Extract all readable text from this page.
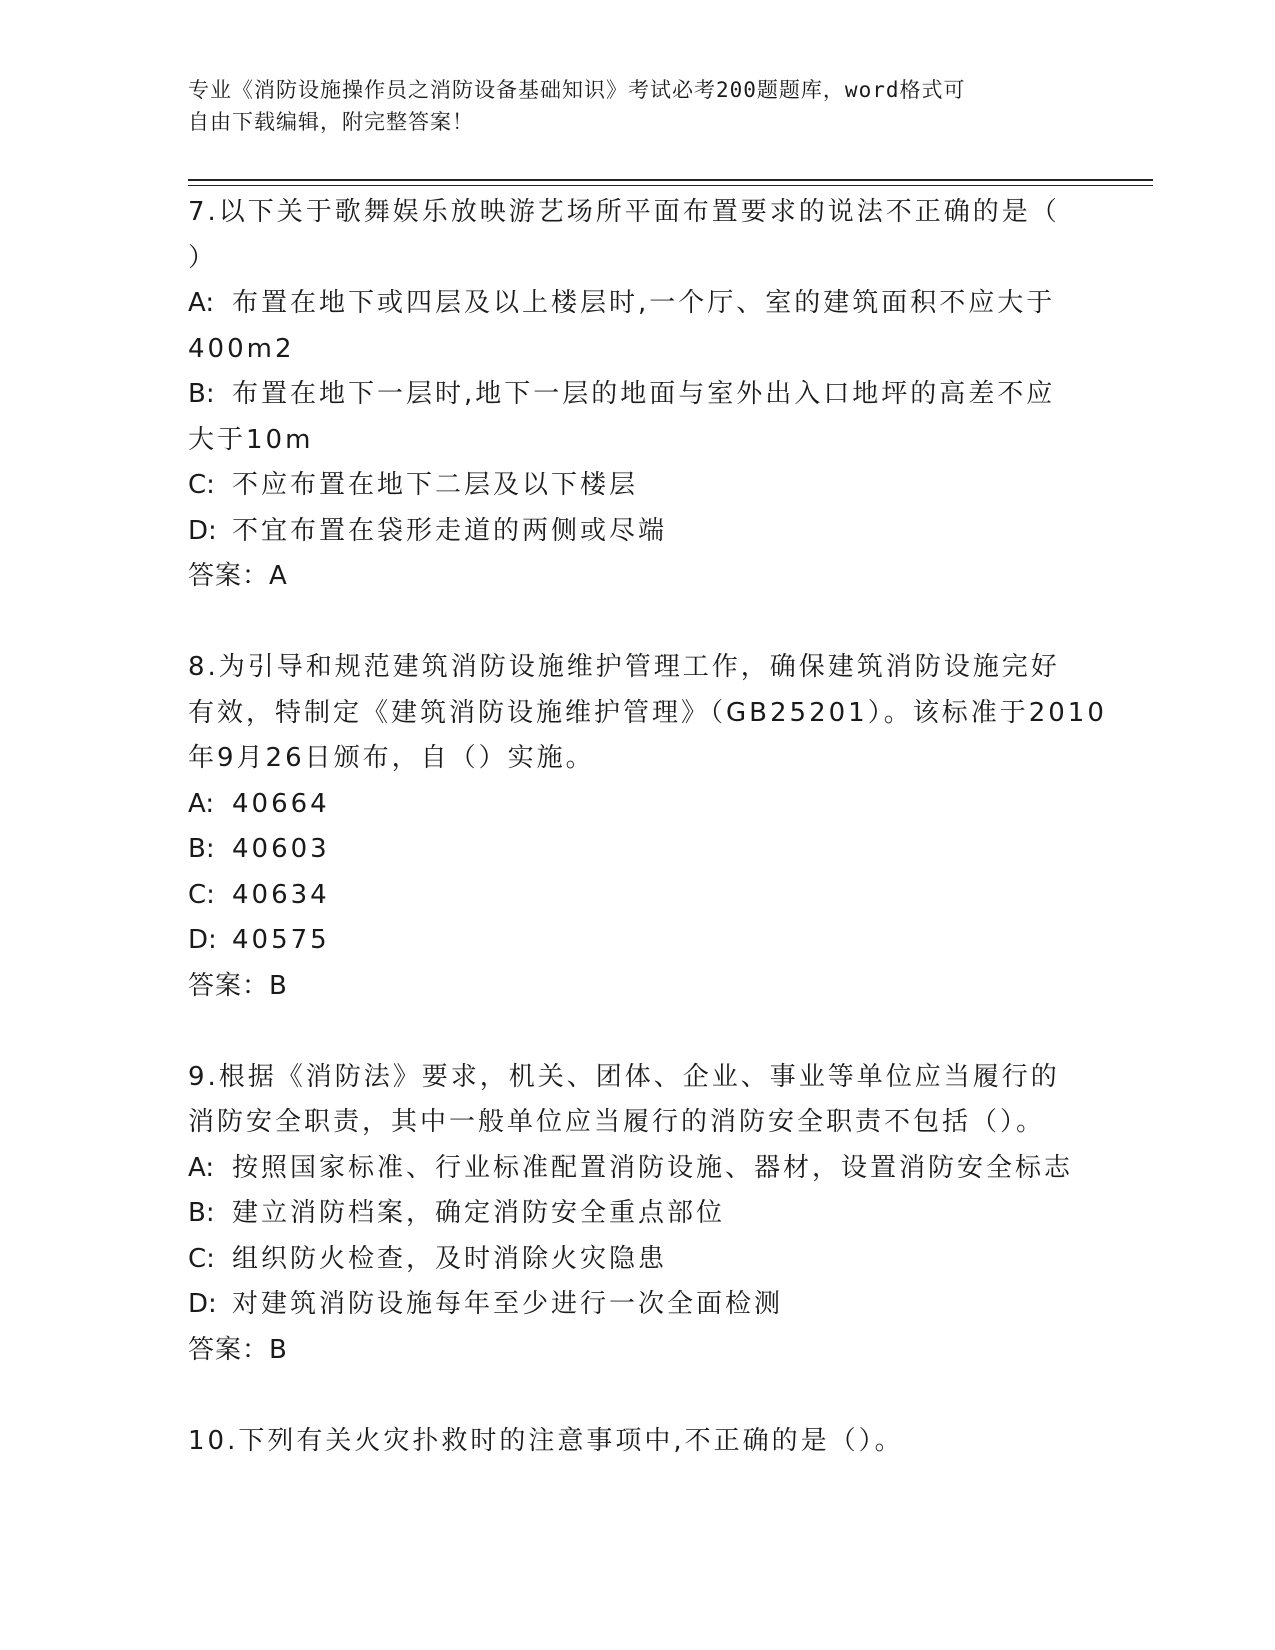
专业《消防设施操作员之消防设备基础知识》考试必考200题题库，word格式可
自由下载编辑，附完整答案！
7.以下关于歌舞娱乐放映游艺场所平面布置要求的说法不正确的是（
）
A: 布置在地下或四层及以上楼层时,一个厅、室的建筑面积不应大于
400m2
B: 布置在地下一层时,地下一层的地面与室外出入口地坪的高差不应
大于10m
C: 不应布置在地下二层及以下楼层
D: 不宜布置在袋形走道的两侧或尽端
答案：A
8.为引导和规范建筑消防设施维护管理工作，确保建筑消防设施完好
有效，特制定《建筑消防设施维护管理》（GB25201）。该标准于2010
年9月26日颁布，自（）实施。
A: 40664
B: 40603
C: 40634
D: 40575
答案：B
9.根据《消防法》要求，机关、团体、企业、事业等单位应当履行的
消防安全职责，其中一般单位应当履行的消防安全职责不包括（）。
A: 按照国家标准、行业标准配置消防设施、器材，设置消防安全标志
B: 建立消防档案，确定消防安全重点部位
C: 组织防火检查，及时消除火灾隐患
D: 对建筑消防设施每年至少进行一次全面检测
答案：B
10.下列有关火灾扑救时的注意事项中,不正确的是（）。
